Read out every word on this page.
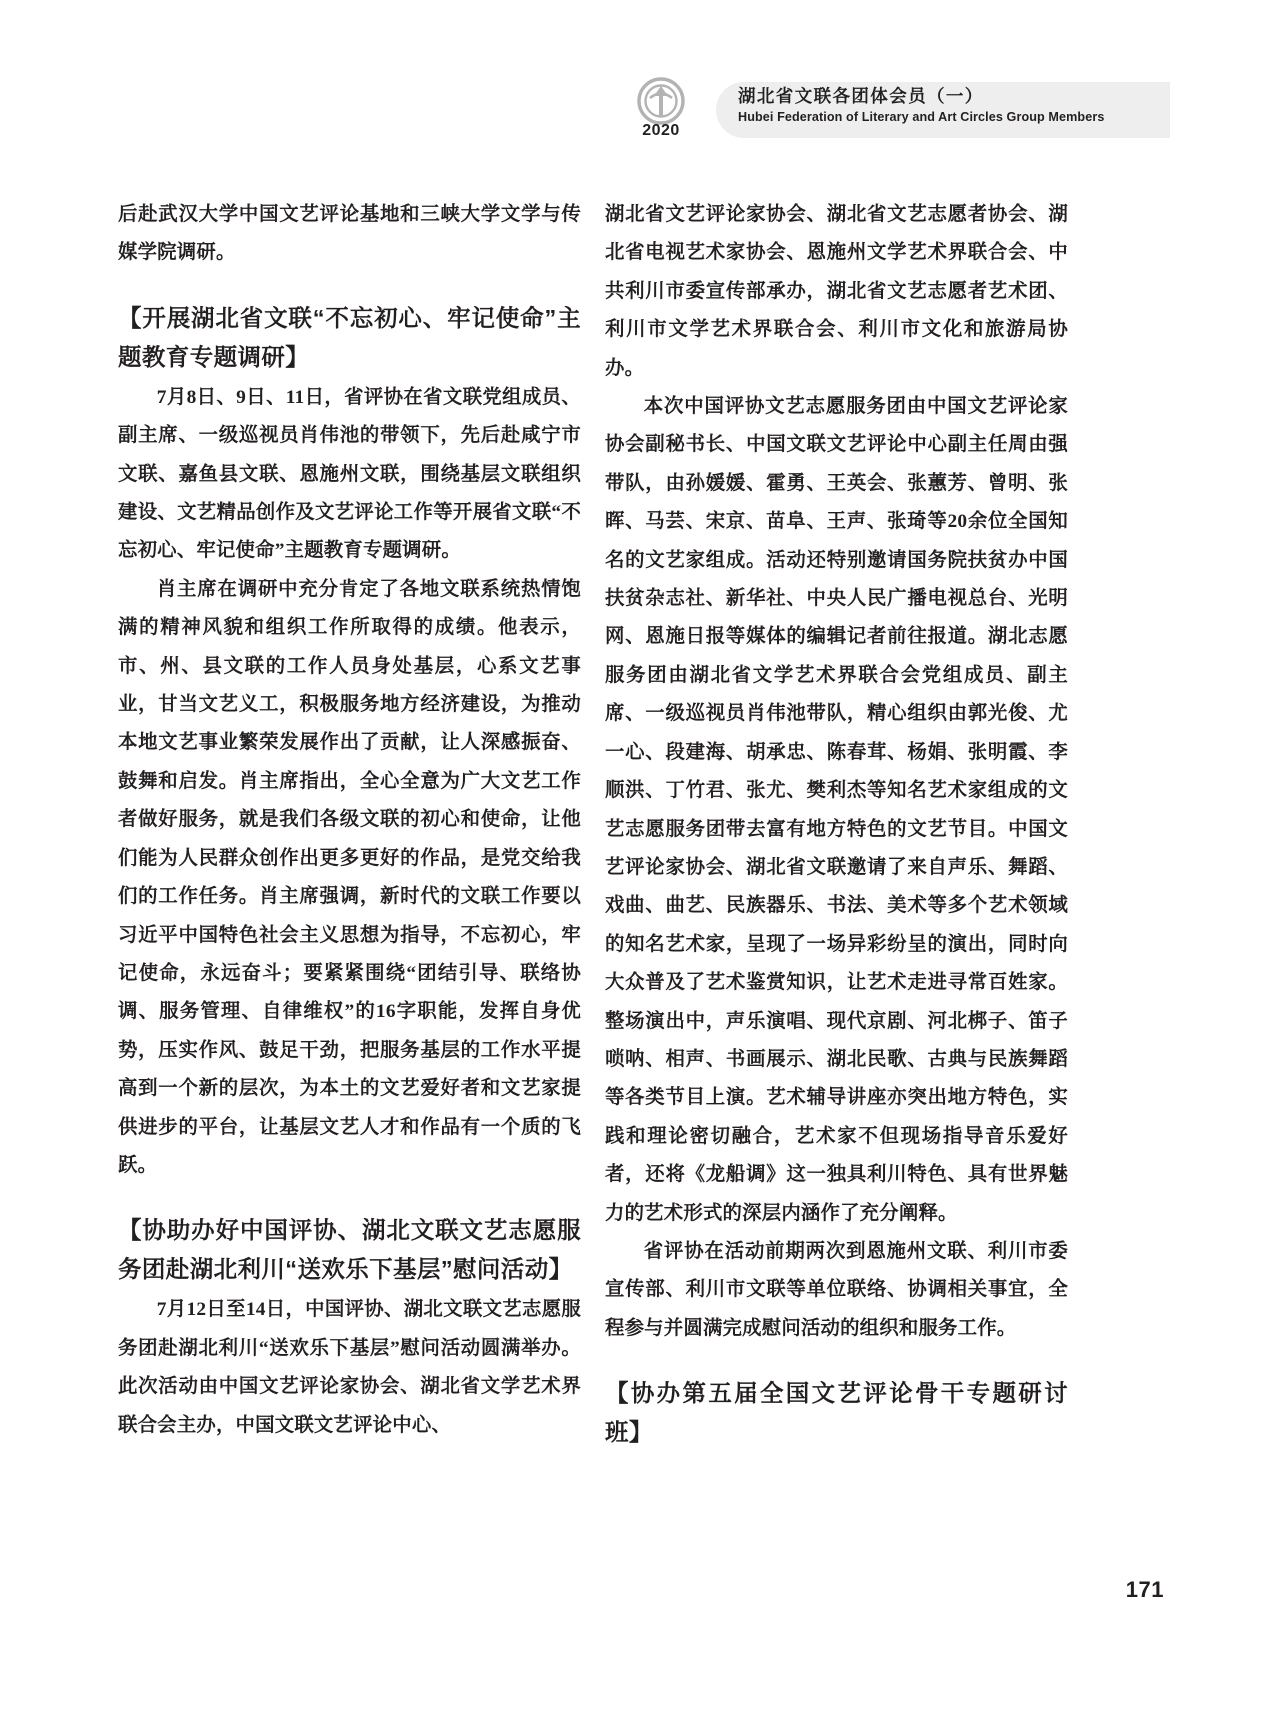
2020
湖北省文联各团体会员（一）
Hubei Federation of Literary and Art Circles Group Members

后赴武汉大学中国文艺评论基地和三峡大学文学与传媒学院调研。

【开展湖北省文联“不忘初心、牢记使命”主题教育专题调研】

7月8日、9日、11日，省评协在省文联党组成员、副主席、一级巡视员肖伟池的带领下，先后赴咸宁市文联、嘉鱼县文联、恩施州文联，围绕基层文联组织建设、文艺精品创作及文艺评论工作等开展省文联“不忘初心、牢记使命”主题教育专题调研。

肖主席在调研中充分肯定了各地文联系统热情饱满的精神风貌和组织工作所取得的成绩。他表示，市、州、县文联的工作人员身处基层，心系文艺事业，甘当文艺义工，积极服务地方经济建设，为推动本地文艺事业繁荣发展作出了贡献，让人深感振奋、鼓舞和启发。肖主席指出，全心全意为广大文艺工作者做好服务，就是我们各级文联的初心和使命，让他们能为人民群众创作出更多更好的作品，是党交给我们的工作任务。肖主席强调，新时代的文联工作要以习近平中国特色社会主义思想为指导，不忘初心，牢记使命，永远奋斗；要紧紧围绕“团结引导、联络协调、服务管理、自律维权”的16字职能，发挥自身优势，压实作风、鼓足干劲，把服务基层的工作水平提高到一个新的层次，为本土的文艺爱好者和文艺家提供进步的平台，让基层文艺人才和作品有一个质的飞跃。

【协助办好中国评协、湖北文联文艺志愿服务团赴湖北利川“送欢乐下基层”慰问活动】

7月12日至14日，中国评协、湖北文联文艺志愿服务团赴湖北利川“送欢乐下基层”慰问活动圆满举办。此次活动由中国文艺评论家协会、湖北省文学艺术界联合会主办，中国文联文艺评论中心、

湖北省文艺评论家协会、湖北省文艺志愿者协会、湖北省电视艺术家协会、恩施州文学艺术界联合会、中共利川市委宣传部承办，湖北省文艺志愿者艺术团、利川市文学艺术界联合会、利川市文化和旅游局协办。

本次中国评协文艺志愿服务团由中国文艺评论家协会副秘书长、中国文联文艺评论中心副主任周由强带队，由孙媛媛、霍勇、王英会、张蕙芳、曾明、张晖、马芸、宋京、苗阜、王声、张琦等20余位全国知名的文艺家组成。活动还特别邀请国务院扶贫办中国扶贫杂志社、新华社、中央人民广播电视总台、光明网、恩施日报等媒体的编辑记者前往报道。湖北志愿服务团由湖北省文学艺术界联合会党组成员、副主席、一级巡视员肖伟池带队，精心组织由郭光俊、尤一心、段建海、胡承忠、陈春茸、杨娟、张明霞、李顺洪、丁竹君、张尤、樊利杰等知名艺术家组成的文艺志愿服务团带去富有地方特色的文艺节目。中国文艺评论家协会、湖北省文联邀请了来自声乐、舞蹈、戏曲、曲艺、民族器乐、书法、美术等多个艺术领域的知名艺术家，呈现了一场异彩纷呈的演出，同时向大众普及了艺术鉴赏知识，让艺术走进寻常百姓家。整场演出中，声乐演唱、现代京剧、河北梆子、笛子唢呐、相声、书画展示、湖北民歌、古典与民族舞蹈等各类节目上演。艺术辅导讲座亦突出地方特色，实践和理论密切融合，艺术家不但现场指导音乐爱好者，还将《龙船调》这一独具利川特色、具有世界魅力的艺术形式的深层内涵作了充分阐释。

省评协在活动前期两次到恩施州文联、利川市委宣传部、利川市文联等单位联络、协调相关事宜，全程参与并圆满完成慰问活动的组织和服务工作。

【协办第五届全国文艺评论骨干专题研讨班】
171
